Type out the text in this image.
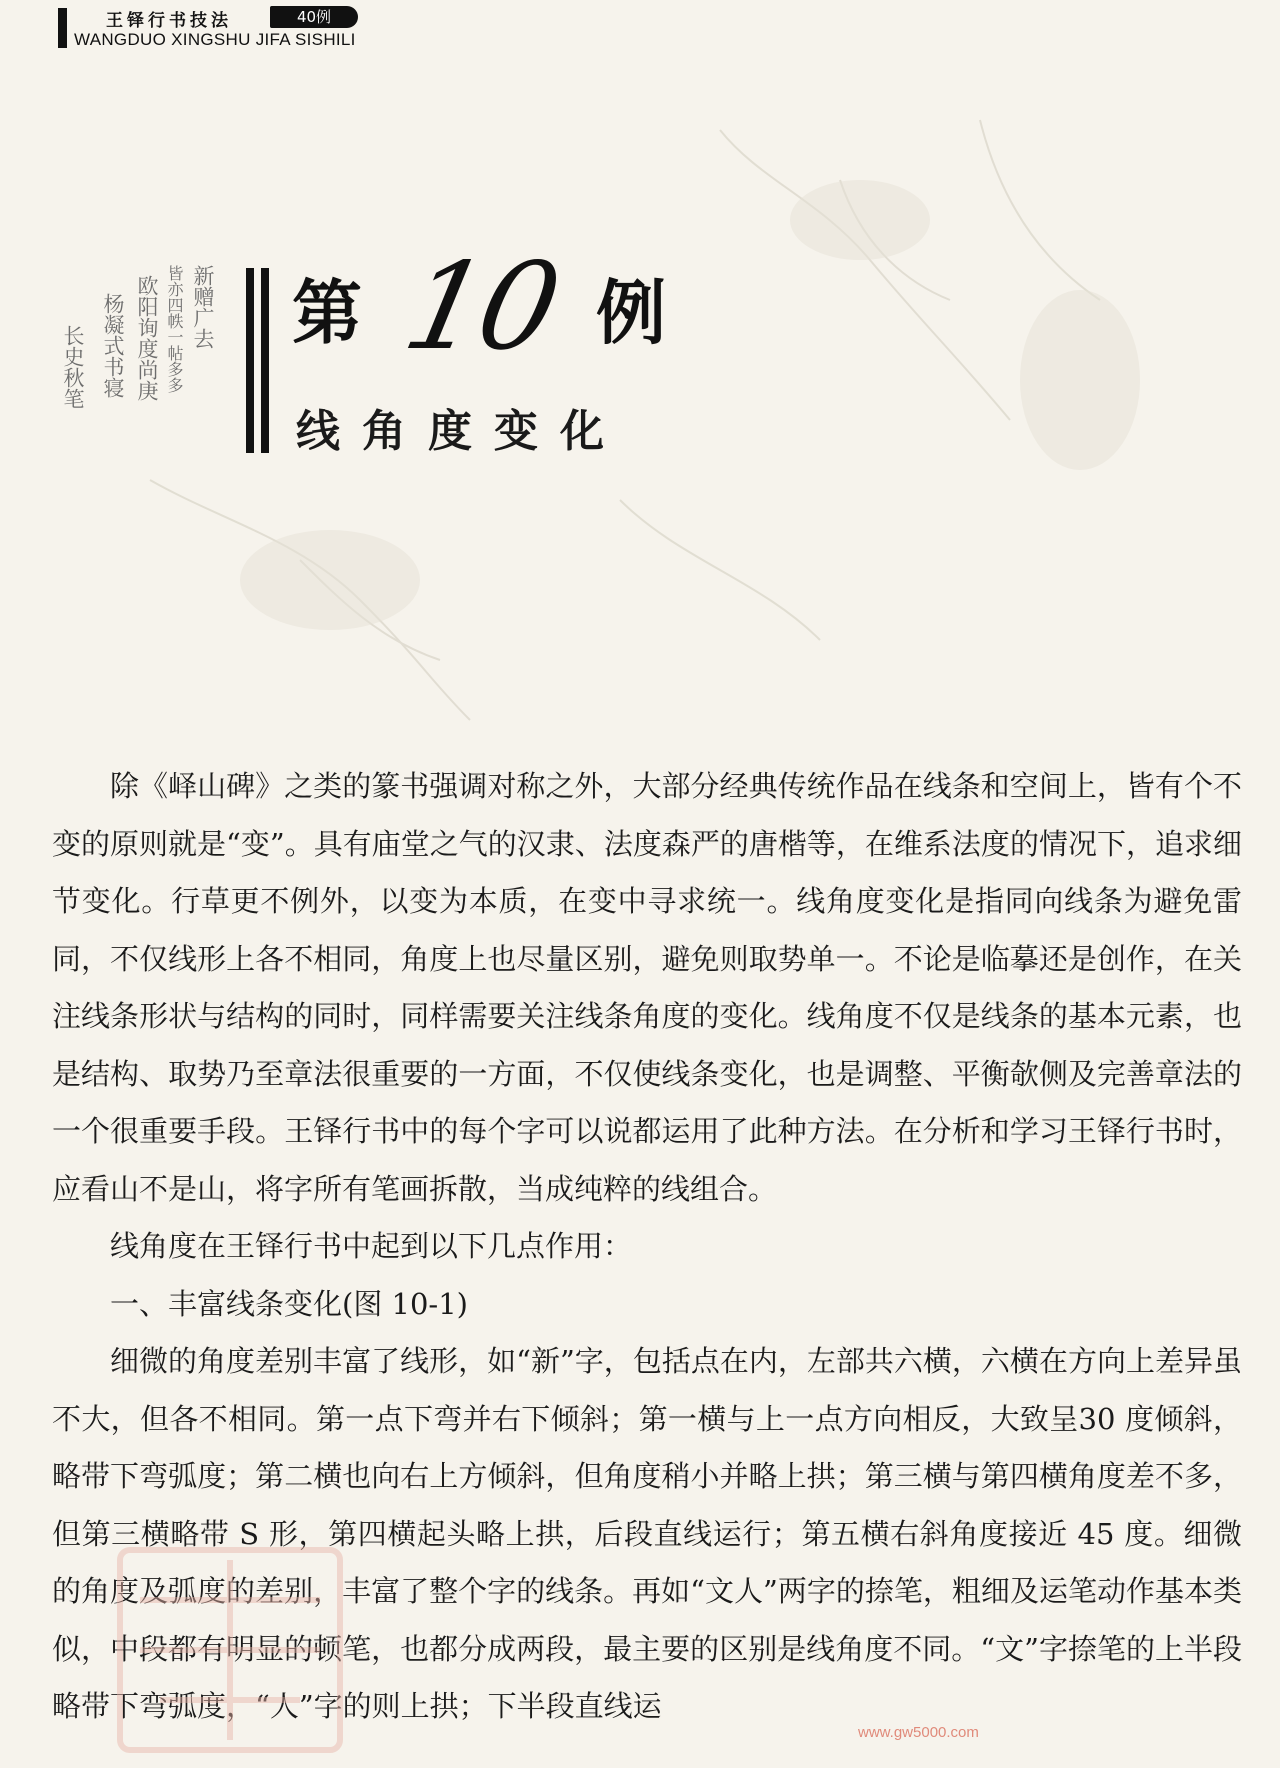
王铎行书技法	40例
WANGDUO XINGSHU JIFA SISHILI
新赠广去
皆亦四帙一帖多多
欧阳询度尚庚
杨凝式书寝
长史秋笔
第 10 例
线角度变化

除《峄山碑》之类的篆书强调对称之外，大部分经典传统作品在线条和空间上，皆有个不变的原则就是“变”。具有庙堂之气的汉隶、法度森严的唐楷等，在维系法度的情况下，追求细节变化。行草更不例外，以变为本质，在变中寻求统一。线角度变化是指同向线条为避免雷同，不仅线形上各不相同，角度上也尽量区别，避免则取势单一。不论是临摹还是创作，在关注线条形状与结构的同时，同样需要关注线条角度的变化。线角度不仅是线条的基本元素，也是结构、取势乃至章法很重要的一方面，不仅使线条变化，也是调整、平衡欹侧及完善章法的一个很重要手段。王铎行书中的每个字可以说都运用了此种方法。在分析和学习王铎行书时，应看山不是山，将字所有笔画拆散，当成纯粹的线组合。

线角度在王铎行书中起到以下几点作用：

一、丰富线条变化(图 10-1)

细微的角度差别丰富了线形，如“新”字，包括点在内，左部共六横，六横在方向上差异虽不大，但各不相同。第一点下弯并右下倾斜；第一横与上一点方向相反，大致呈30 度倾斜，略带下弯弧度；第二横也向右上方倾斜，但角度稍小并略上拱；第三横与第四横角度差不多，但第三横略带 S 形，第四横起头略上拱，后段直线运行；第五横右斜角度接近 45 度。细微的角度及弧度的差别，丰富了整个字的线条。再如“文人”两字的捺笔，粗细及运笔动作基本类似，中段都有明显的顿笔，也都分成两段，最主要的区别是线角度不同。“文”字捺笔的上半段略带下弯弧度，“人”字的则上拱；下半段直线运

www.gw5000.com
